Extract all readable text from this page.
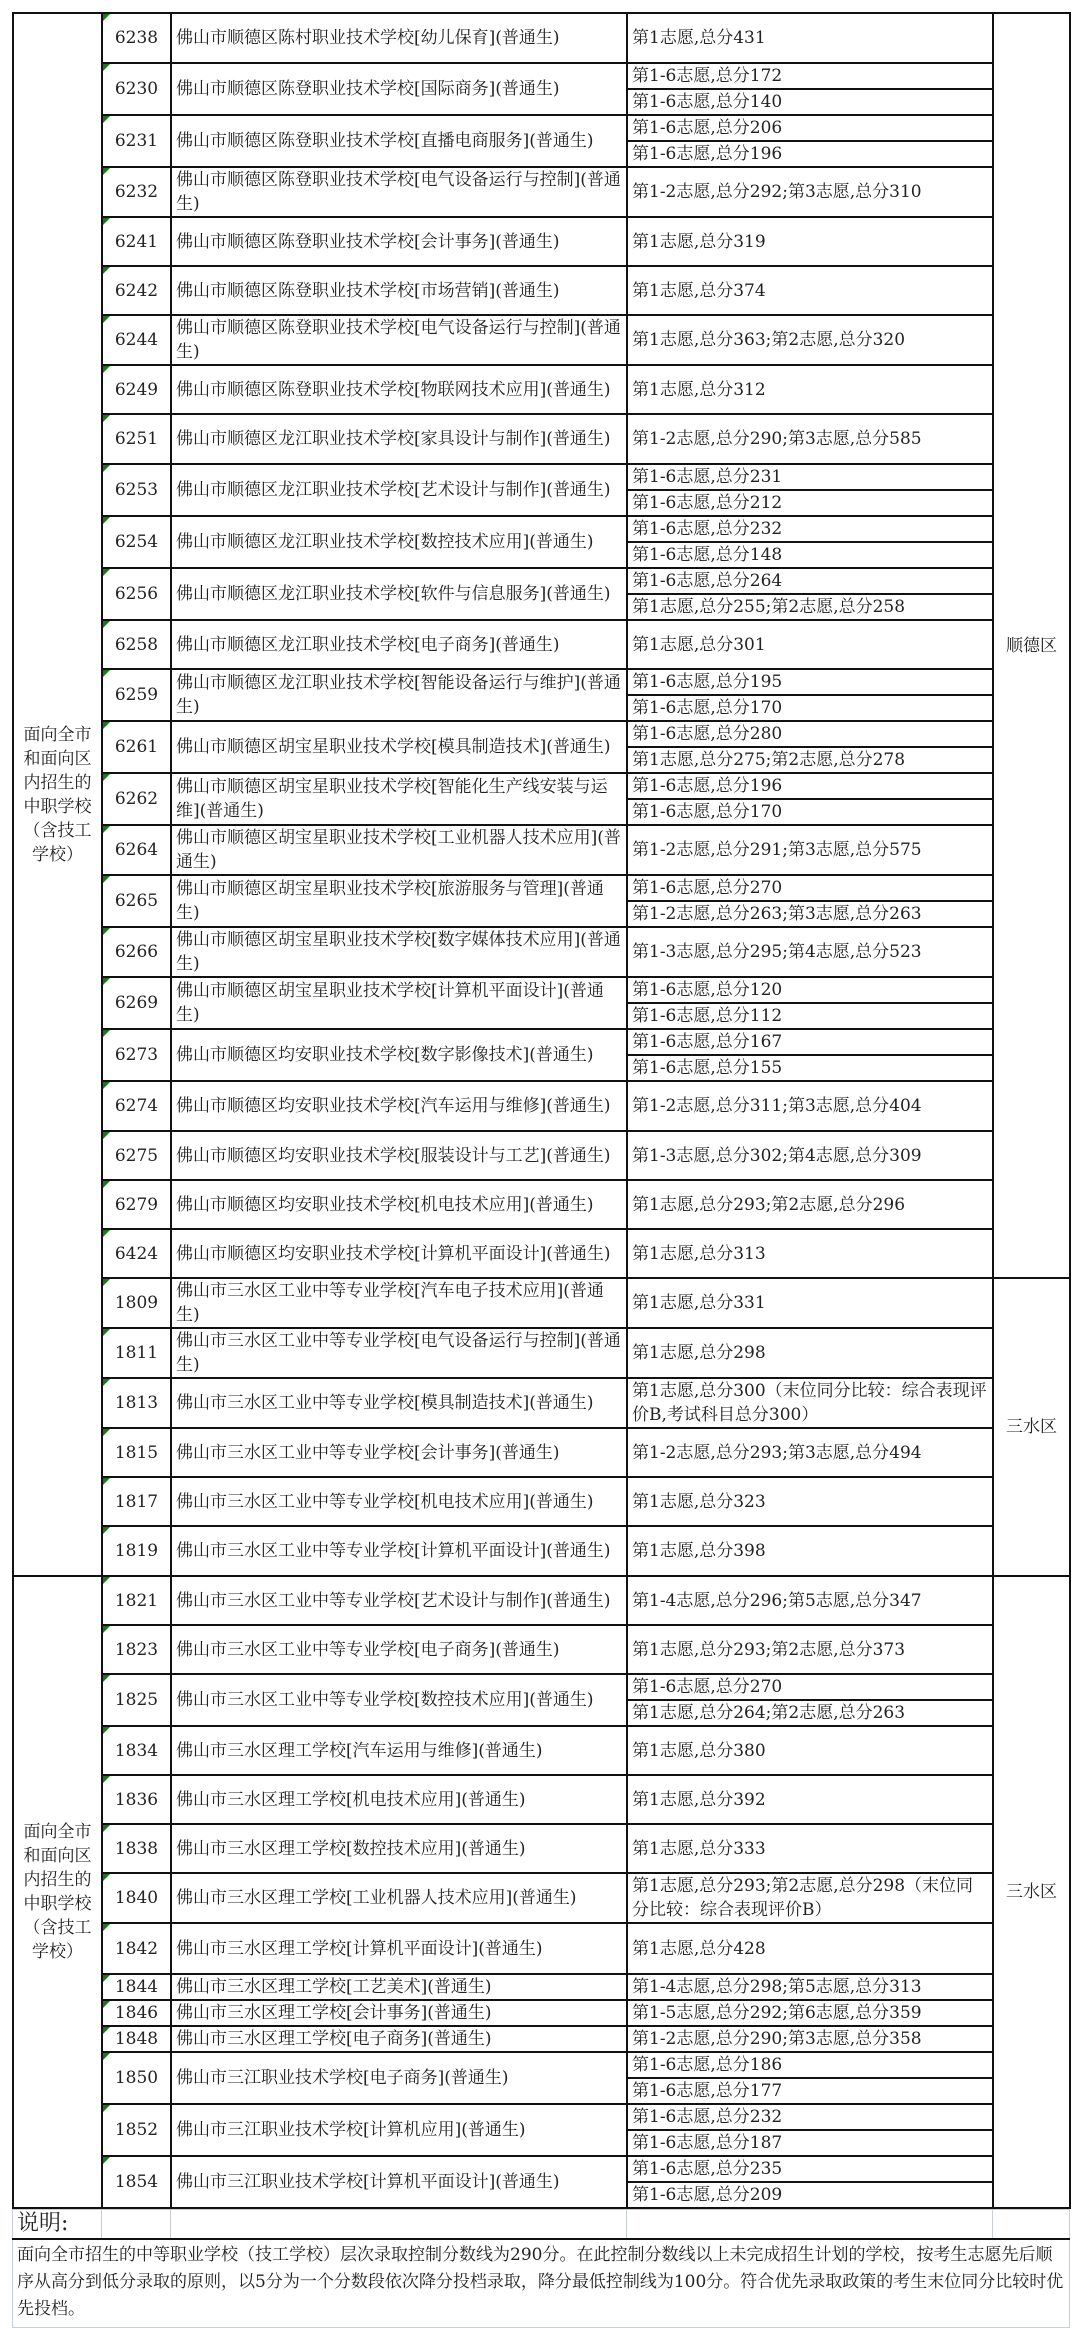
面向全市和面向区内招生的中职学校（含技工学校）	6238	佛山市顺德区陈村职业技术学校[幼儿保育](普通生)	第1志愿,总分431	顺德区

6230	佛山市顺德区陈登职业技术学校[国际商务](普通生)	第1-6志愿,总分172	
			第1-6志愿,总分140	

6231	佛山市顺德区陈登职业技术学校[直播电商服务](普通生)	第1-6志愿,总分206	
			第1-6志愿,总分196	

6232	佛山市顺德区陈登职业技术学校[电气设备运行与控制](普通生)	第1-2志愿,总分292;第3志愿,总分310	

6241	佛山市顺德区陈登职业技术学校[会计事务](普通生)	第1志愿,总分319	

6242	佛山市顺德区陈登职业技术学校[市场营销](普通生)	第1志愿,总分374	

6244	佛山市顺德区陈登职业技术学校[电气设备运行与控制](普通生)	第1志愿,总分363;第2志愿,总分320	

6249	佛山市顺德区陈登职业技术学校[物联网技术应用](普通生)	第1志愿,总分312	

6251	佛山市顺德区龙江职业技术学校[家具设计与制作](普通生)	第1-2志愿,总分290;第3志愿,总分585	

6253	佛山市顺德区龙江职业技术学校[艺术设计与制作](普通生)	第1-6志愿,总分231	
			第1-6志愿,总分212	

6254	佛山市顺德区龙江职业技术学校[数控技术应用](普通生)	第1-6志愿,总分232	
			第1-6志愿,总分148	

6256	佛山市顺德区龙江职业技术学校[软件与信息服务](普通生)	第1-6志愿,总分264	
			第1志愿,总分255;第2志愿,总分258	

6258	佛山市顺德区龙江职业技术学校[电子商务](普通生)	第1志愿,总分301	

6259	佛山市顺德区龙江职业技术学校[智能设备运行与维护](普通生)	第1-6志愿,总分195	
			第1-6志愿,总分170	

6261	佛山市顺德区胡宝星职业技术学校[模具制造技术](普通生)	第1-6志愿,总分280	
			第1志愿,总分275;第2志愿,总分278	

6262	佛山市顺德区胡宝星职业技术学校[智能化生产线安装与运维](普通生)	第1-6志愿,总分196	
			第1-6志愿,总分170	

6264	佛山市顺德区胡宝星职业技术学校[工业机器人技术应用](普通生)	第1-2志愿,总分291;第3志愿,总分575	

6265	佛山市顺德区胡宝星职业技术学校[旅游服务与管理](普通生)	第1-6志愿,总分270	
			第1-2志愿,总分263;第3志愿,总分263	

6266	佛山市顺德区胡宝星职业技术学校[数字媒体技术应用](普通生)	第1-3志愿,总分295;第4志愿,总分523	

6269	佛山市顺德区胡宝星职业技术学校[计算机平面设计](普通生)	第1-6志愿,总分120	
			第1-6志愿,总分112	

6273	佛山市顺德区均安职业技术学校[数字影像技术](普通生)	第1-6志愿,总分167	
			第1-6志愿,总分155	

6274	佛山市顺德区均安职业技术学校[汽车运用与维修](普通生)	第1-2志愿,总分311;第3志愿,总分404	

6275	佛山市顺德区均安职业技术学校[服装设计与工艺](普通生)	第1-3志愿,总分302;第4志愿,总分309	

6279	佛山市顺德区均安职业技术学校[机电技术应用](普通生)	第1志愿,总分293;第2志愿,总分296	

6424	佛山市顺德区均安职业技术学校[计算机平面设计](普通生)	第1志愿,总分313	

1809	佛山市三水区工业中等专业学校[汽车电子技术应用](普通生)	第1志愿,总分331	三水区

1811	佛山市三水区工业中等专业学校[电气设备运行与控制](普通生)	第1志愿,总分298	

1813	佛山市三水区工业中等专业学校[模具制造技术](普通生)	第1志愿,总分300（末位同分比较：综合表现评价B,考试科目总分300）	

1815	佛山市三水区工业中等专业学校[会计事务](普通生)	第1-2志愿,总分293;第3志愿,总分494	

1817	佛山市三水区工业中等专业学校[机电技术应用](普通生)	第1志愿,总分323	

1819	佛山市三水区工业中等专业学校[计算机平面设计](普通生)	第1志愿,总分398	
面向全市和面向区内招生的中职学校（含技工学校）	1821	佛山市三水区工业中等专业学校[艺术设计与制作](普通生)	第1-4志愿,总分296;第5志愿,总分347	三水区

1823	佛山市三水区工业中等专业学校[电子商务](普通生)	第1志愿,总分293;第2志愿,总分373	

1825	佛山市三水区工业中等专业学校[数控技术应用](普通生)	第1-6志愿,总分270	
			第1志愿,总分264;第2志愿,总分263	

1834	佛山市三水区理工学校[汽车运用与维修](普通生)	第1志愿,总分380	

1836	佛山市三水区理工学校[机电技术应用](普通生)	第1志愿,总分392	

1838	佛山市三水区理工学校[数控技术应用](普通生)	第1志愿,总分333	

1840	佛山市三水区理工学校[工业机器人技术应用](普通生)	第1志愿,总分293;第2志愿,总分298（末位同分比较：综合表现评价B）	

1842	佛山市三水区理工学校[计算机平面设计](普通生)	第1志愿,总分428	

1844	佛山市三水区理工学校[工艺美术](普通生)	第1-4志愿,总分298;第5志愿,总分313	

1846	佛山市三水区理工学校[会计事务](普通生)	第1-5志愿,总分292;第6志愿,总分359	

1848	佛山市三水区理工学校[电子商务](普通生)	第1-2志愿,总分290;第3志愿,总分358	

1850	佛山市三江职业技术学校[电子商务](普通生)	第1-6志愿,总分186	
			第1-6志愿,总分177	

1852	佛山市三江职业技术学校[计算机应用](普通生)	第1-6志愿,总分232	
			第1-6志愿,总分187	

1854	佛山市三江职业技术学校[计算机平面设计](普通生)	第1-6志愿,总分235	
			第1-6志愿,总分209	
说明:				
面向全市招生的中等职业学校（技工学校）层次录取控制分数线为290分。在此控制分数线以上未完成招生计划的学校，按考生志愿先后顺序从高分到低分录取的原则，以5分为一个分数段依次降分投档录取，降分最低控制线为100分。符合优先录取政策的考生末位同分比较时优先投档。
